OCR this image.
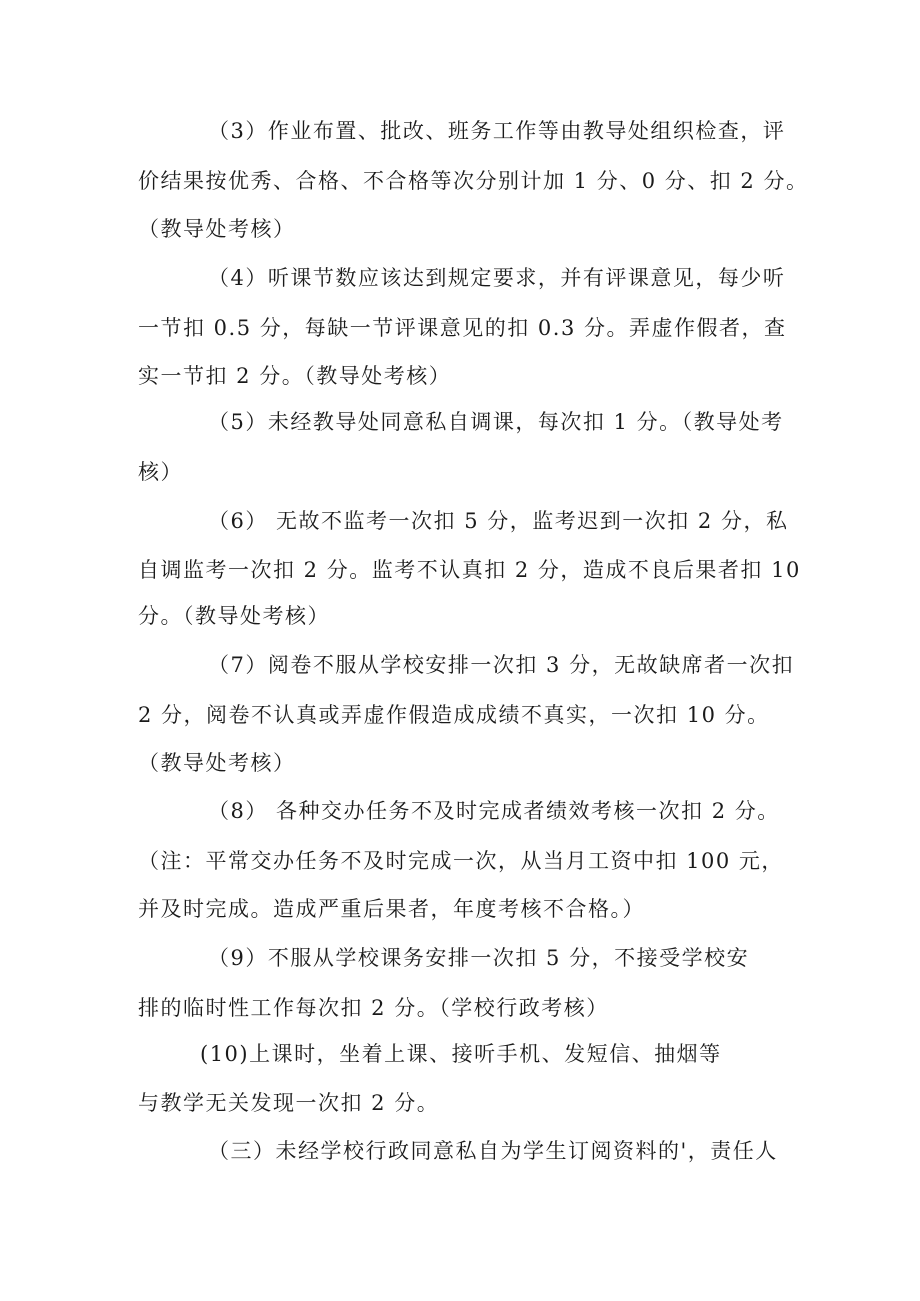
（3）作业布置、批改、班务工作等由教导处组织检查，评
价结果按优秀、合格、不合格等次分别计加 1 分、0 分、扣 2 分。
（教导处考核）
（4）听课节数应该达到规定要求，并有评课意见，每少听
一节扣 0.5 分，每缺一节评课意见的扣 0.3 分。弄虚作假者，查
实一节扣 2 分。（教导处考核）
（5）未经教导处同意私自调课，每次扣 1 分。（教导处考
核）
（6） 无故不监考一次扣 5 分，监考迟到一次扣 2 分，私
自调监考一次扣 2 分。监考不认真扣 2 分，造成不良后果者扣 10
分。（教导处考核）
（7）阅卷不服从学校安排一次扣 3 分，无故缺席者一次扣
2 分，阅卷不认真或弄虚作假造成成绩不真实，一次扣 10 分。
（教导处考核）
（8） 各种交办任务不及时完成者绩效考核一次扣 2 分。
（注：平常交办任务不及时完成一次，从当月工资中扣 100 元，
并及时完成。造成严重后果者，年度考核不合格。）
（9）不服从学校课务安排一次扣 5 分，不接受学校安
排的临时性工作每次扣 2 分。（学校行政考核）
(10)上课时，坐着上课、接听手机、发短信、抽烟等
与教学无关发现一次扣 2 分。
（三）未经学校行政同意私自为学生订阅资料的'，责任人
